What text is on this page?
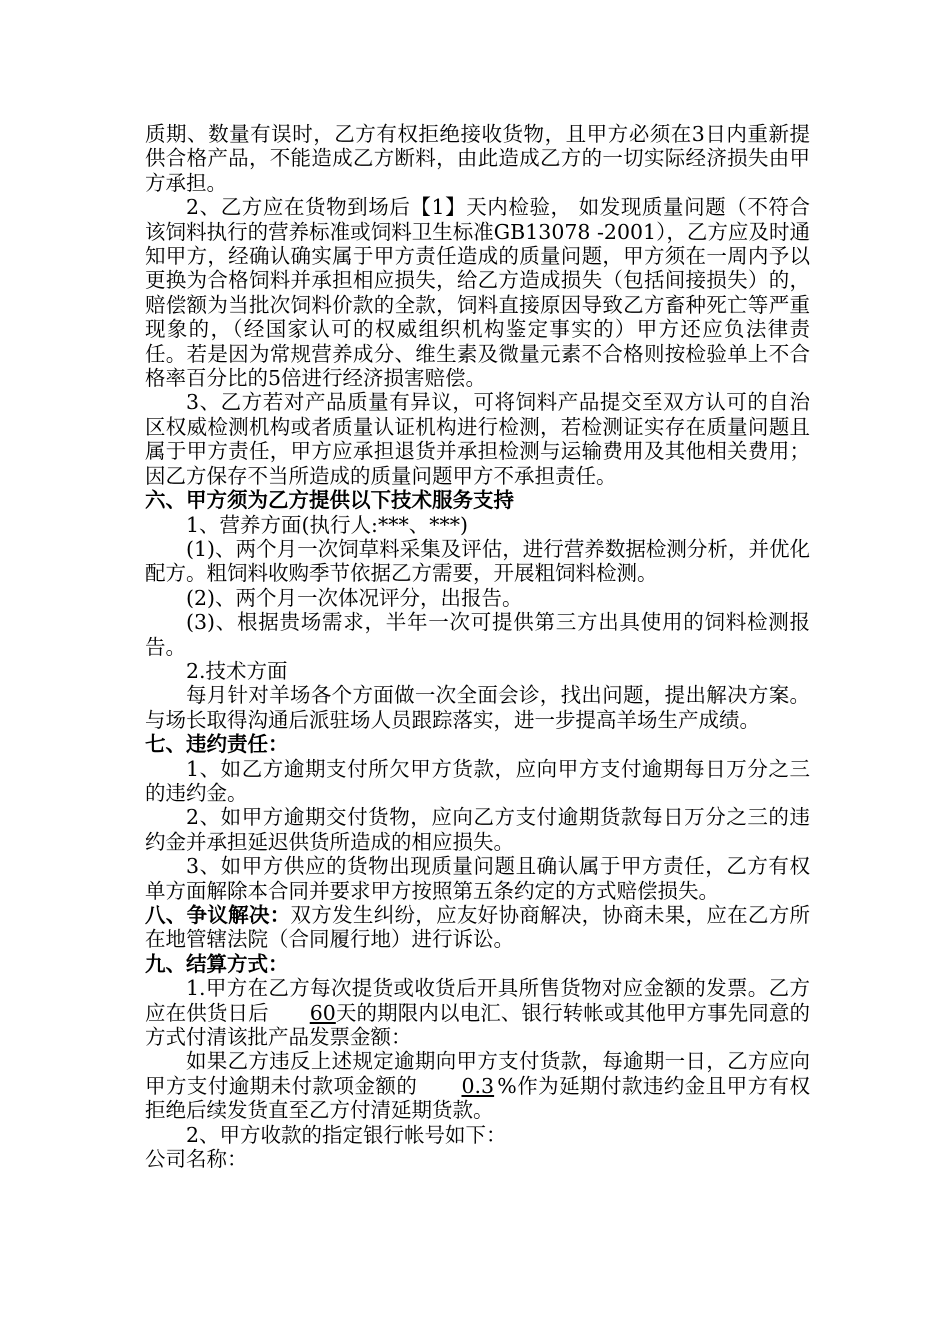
质期、数量有误时，乙方有权拒绝接收货物，且甲方必须在3日内重新提供合格产品，不能造成乙方断料，由此造成乙方的一切实际经济损失由甲方承担。

2、乙方应在货物到场后【1】天内检验， 如发现质量问题（不符合该饲料执行的营养标准或饲料卫生标准GB13078 -2001），乙方应及时通知甲方，经确认确实属于甲方责任造成的质量问题，甲方须在一周内予以更换为合格饲料并承担相应损失，给乙方造成损失（包括间接损失）的，赔偿额为当批次饲料价款的全款，饲料直接原因导致乙方畜种死亡等严重现象的，（经国家认可的权威组织机构鉴定事实的）甲方还应负法律责任。若是因为常规营养成分、维生素及微量元素不合格则按检验单上不合格率百分比的5倍进行经济损害赔偿。

3、乙方若对产品质量有异议，可将饲料产品提交至双方认可的自治区权威检测机构或者质量认证机构进行检测，若检测证实存在质量问题且属于甲方责任，甲方应承担退货并承担检测与运输费用及其他相关费用；因乙方保存不当所造成的质量问题甲方不承担责任。

六、甲方须为乙方提供以下技术服务支持

1、营养方面(执行人:***、***)

(1)、两个月一次饲草料采集及评估，进行营养数据检测分析，并优化配方。粗饲料收购季节依据乙方需要，开展粗饲料检测。

(2)、两个月一次体况评分，出报告。

(3)、根据贵场需求，半年一次可提供第三方出具使用的饲料检测报告。

2.技术方面

每月针对羊场各个方面做一次全面会诊，找出问题，提出解决方案。与场长取得沟通后派驻场人员跟踪落实，进一步提高羊场生产成绩。

七、违约责任：

1、如乙方逾期支付所欠甲方货款，应向甲方支付逾期每日万分之三的违约金。

2、如甲方逾期交付货物，应向乙方支付逾期货款每日万分之三的违约金并承担延迟供货所造成的相应损失。

3、如甲方供应的货物出现质量问题且确认属于甲方责任，乙方有权单方面解除本合同并要求甲方按照第五条约定的方式赔偿损失。

八、争议解决：双方发生纠纷，应友好协商解决，协商未果，应在乙方所在地管辖法院（合同履行地）进行诉讼。

九、结算方式：

1.甲方在乙方每次提货或收货后开具所售货物对应金额的发票。乙方应在供货日后 60天的期限内以电汇、银行转帐或其他甲方事先同意的方式付清该批产品发票金额：

如果乙方违反上述规定逾期向甲方支付货款，每逾期一日，乙方应向甲方支付逾期未付款项金额的 0.3 %作为延期付款违约金且甲方有权拒绝后续发货直至乙方付清延期货款。

2、甲方收款的指定银行帐号如下：

公司名称：
